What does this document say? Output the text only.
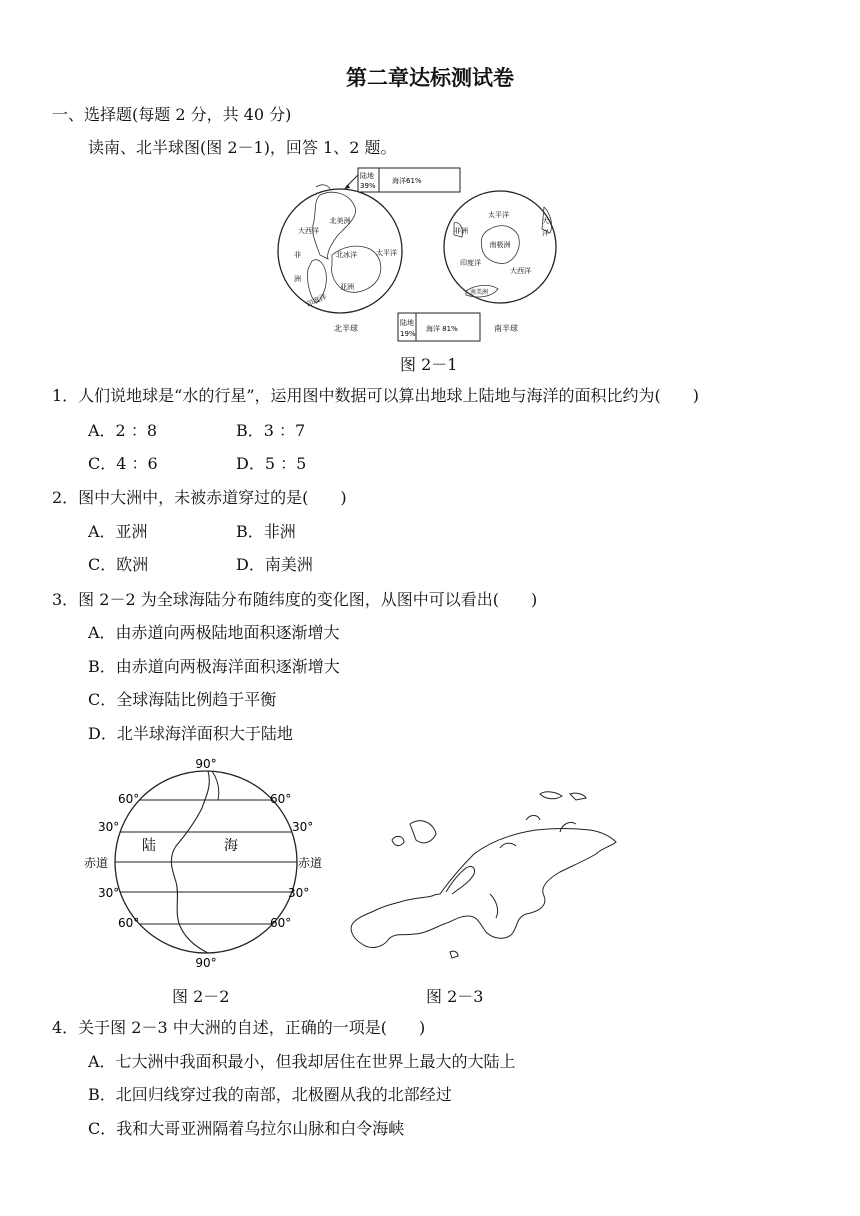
第二章达标测试卷
一、选择题(每题 2 分，共 40 分)
读南、北半球图(图 2－1)，回答 1、2 题。
陆地
39%
海洋61%
北美洲
大西洋
非
洲
北冰洋	太平洋
亚洲
印度洋
北半球
太平洋
非洲
大
洋
南极洲
印度洋
大西洋
南美洲
南半球
陆地
19%
海洋 81%
图 2－1
1．人们说地球是“水的行星”，运用图中数据可以算出地球上陆地与海洋的面积比约为(　　)
A．2 ：8	B．3 ：7
C．4 ：6	D．5 ：5
2．图中大洲中，未被赤道穿过的是(　　)
A．亚洲	B．非洲
C．欧洲	D．南美洲
3．图 2－2 为全球海陆分布随纬度的变化图，从图中可以看出(　　)
A．由赤道向两极陆地面积逐渐增大
B．由赤道向两极海洋面积逐渐增大
C．全球海陆比例趋于平衡
D．北半球海洋面积大于陆地
90°
90°
60°
30°
赤道
30°
60°
60°
30°
赤道
30°
60°
陆	海
图 2－2	图 2－3
4．关于图 2－3 中大洲的自述，正确的一项是(　　)
A．七大洲中我面积最小，但我却居住在世界上最大的大陆上
B．北回归线穿过我的南部，北极圈从我的北部经过
C．我和大哥亚洲隔着乌拉尔山脉和白令海峡
